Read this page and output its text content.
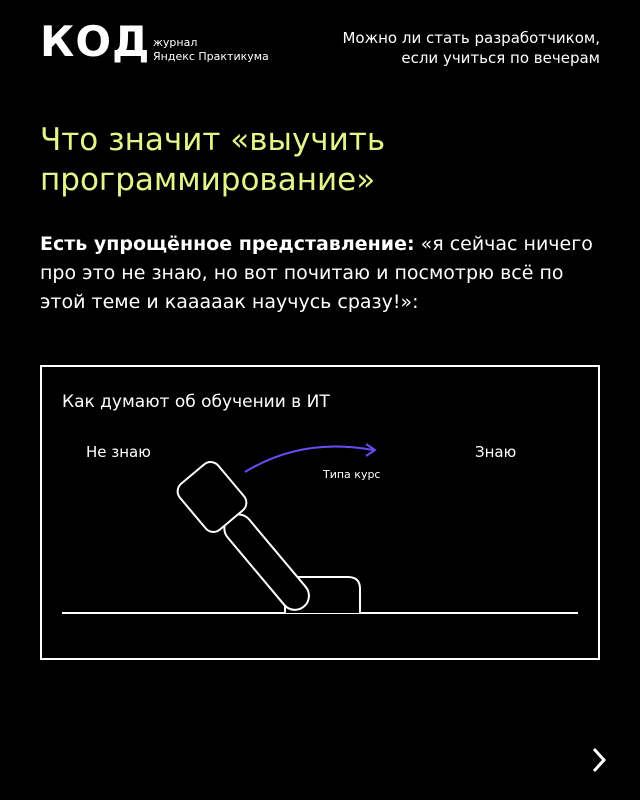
КОД журнал
Яндекс Практикума
Можно ли стать разработчиком,
если учиться по вечерам
Что значит «выучить
программирование»

Есть упрощённое представление: «я сейчас ничего про это не знаю, но вот почитаю и посмотрю всё по этой теме и кааааак научусь сразу!»:

Как думают об обучении в ИТ
Не знаю	Знаю
Типа курс
